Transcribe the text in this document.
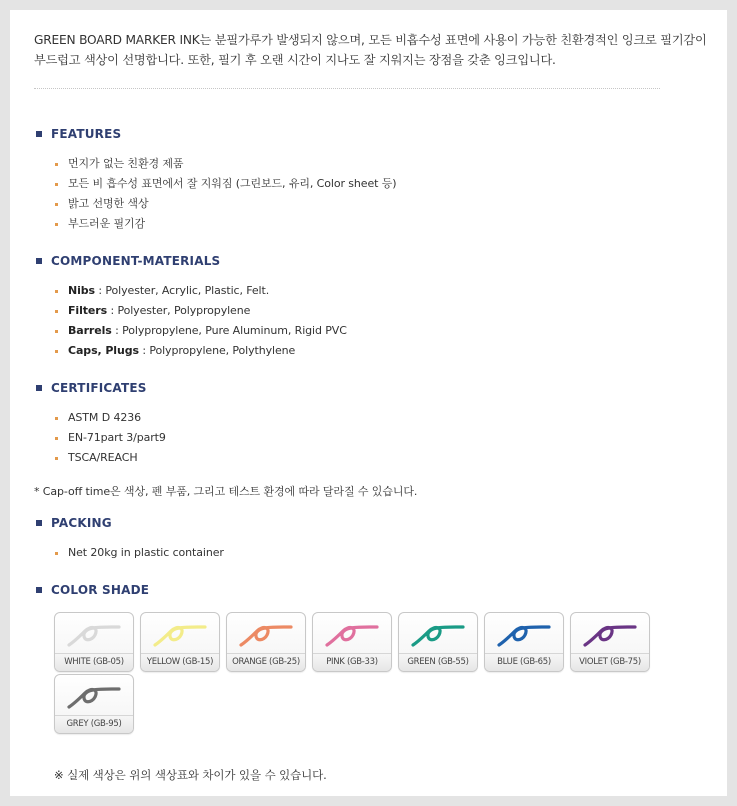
GREEN BOARD MARKER INK는 분필가루가 발생되지 않으며, 모든 비흡수성 표면에 사용이 가능한 친환경적인 잉크로 필기감이 부드럽고 색상이 선명합니다. 또한, 필기 후 오랜 시간이 지나도 잘 지워지는 장점을 갖춘 잉크입니다.
FEATURES
먼지가 없는 친환경 제품
모든 비 흡수성 표면에서 잘 지워짐 (그린보드, 유리, Color sheet 등)
밝고 선명한 색상
부드러운 필기감
COMPONENT-MATERIALS
Nibs : Polyester, Acrylic, Plastic, Felt.
Filters : Polyester, Polypropylene
Barrels : Polypropylene, Pure Aluminum, Rigid PVC
Caps, Plugs : Polypropylene, Polythylene
CERTIFICATES
ASTM D 4236
EN-71part 3/part9
TSCA/REACH
* Cap-off time은 색상, 펜 부품, 그리고 테스트 환경에 따라 달라질 수 있습니다.
PACKING
Net 20kg in plastic container
COLOR SHADE
WHITE (GB-05)	YELLOW (GB-15)	ORANGE (GB-25)	PINK (GB-33)	GREEN (GB-55)	BLUE (GB-65)	VIOLET (GB-75)
GREY (GB-95)
※ 실제 색상은 위의 색상표와 차이가 있을 수 있습니다.
